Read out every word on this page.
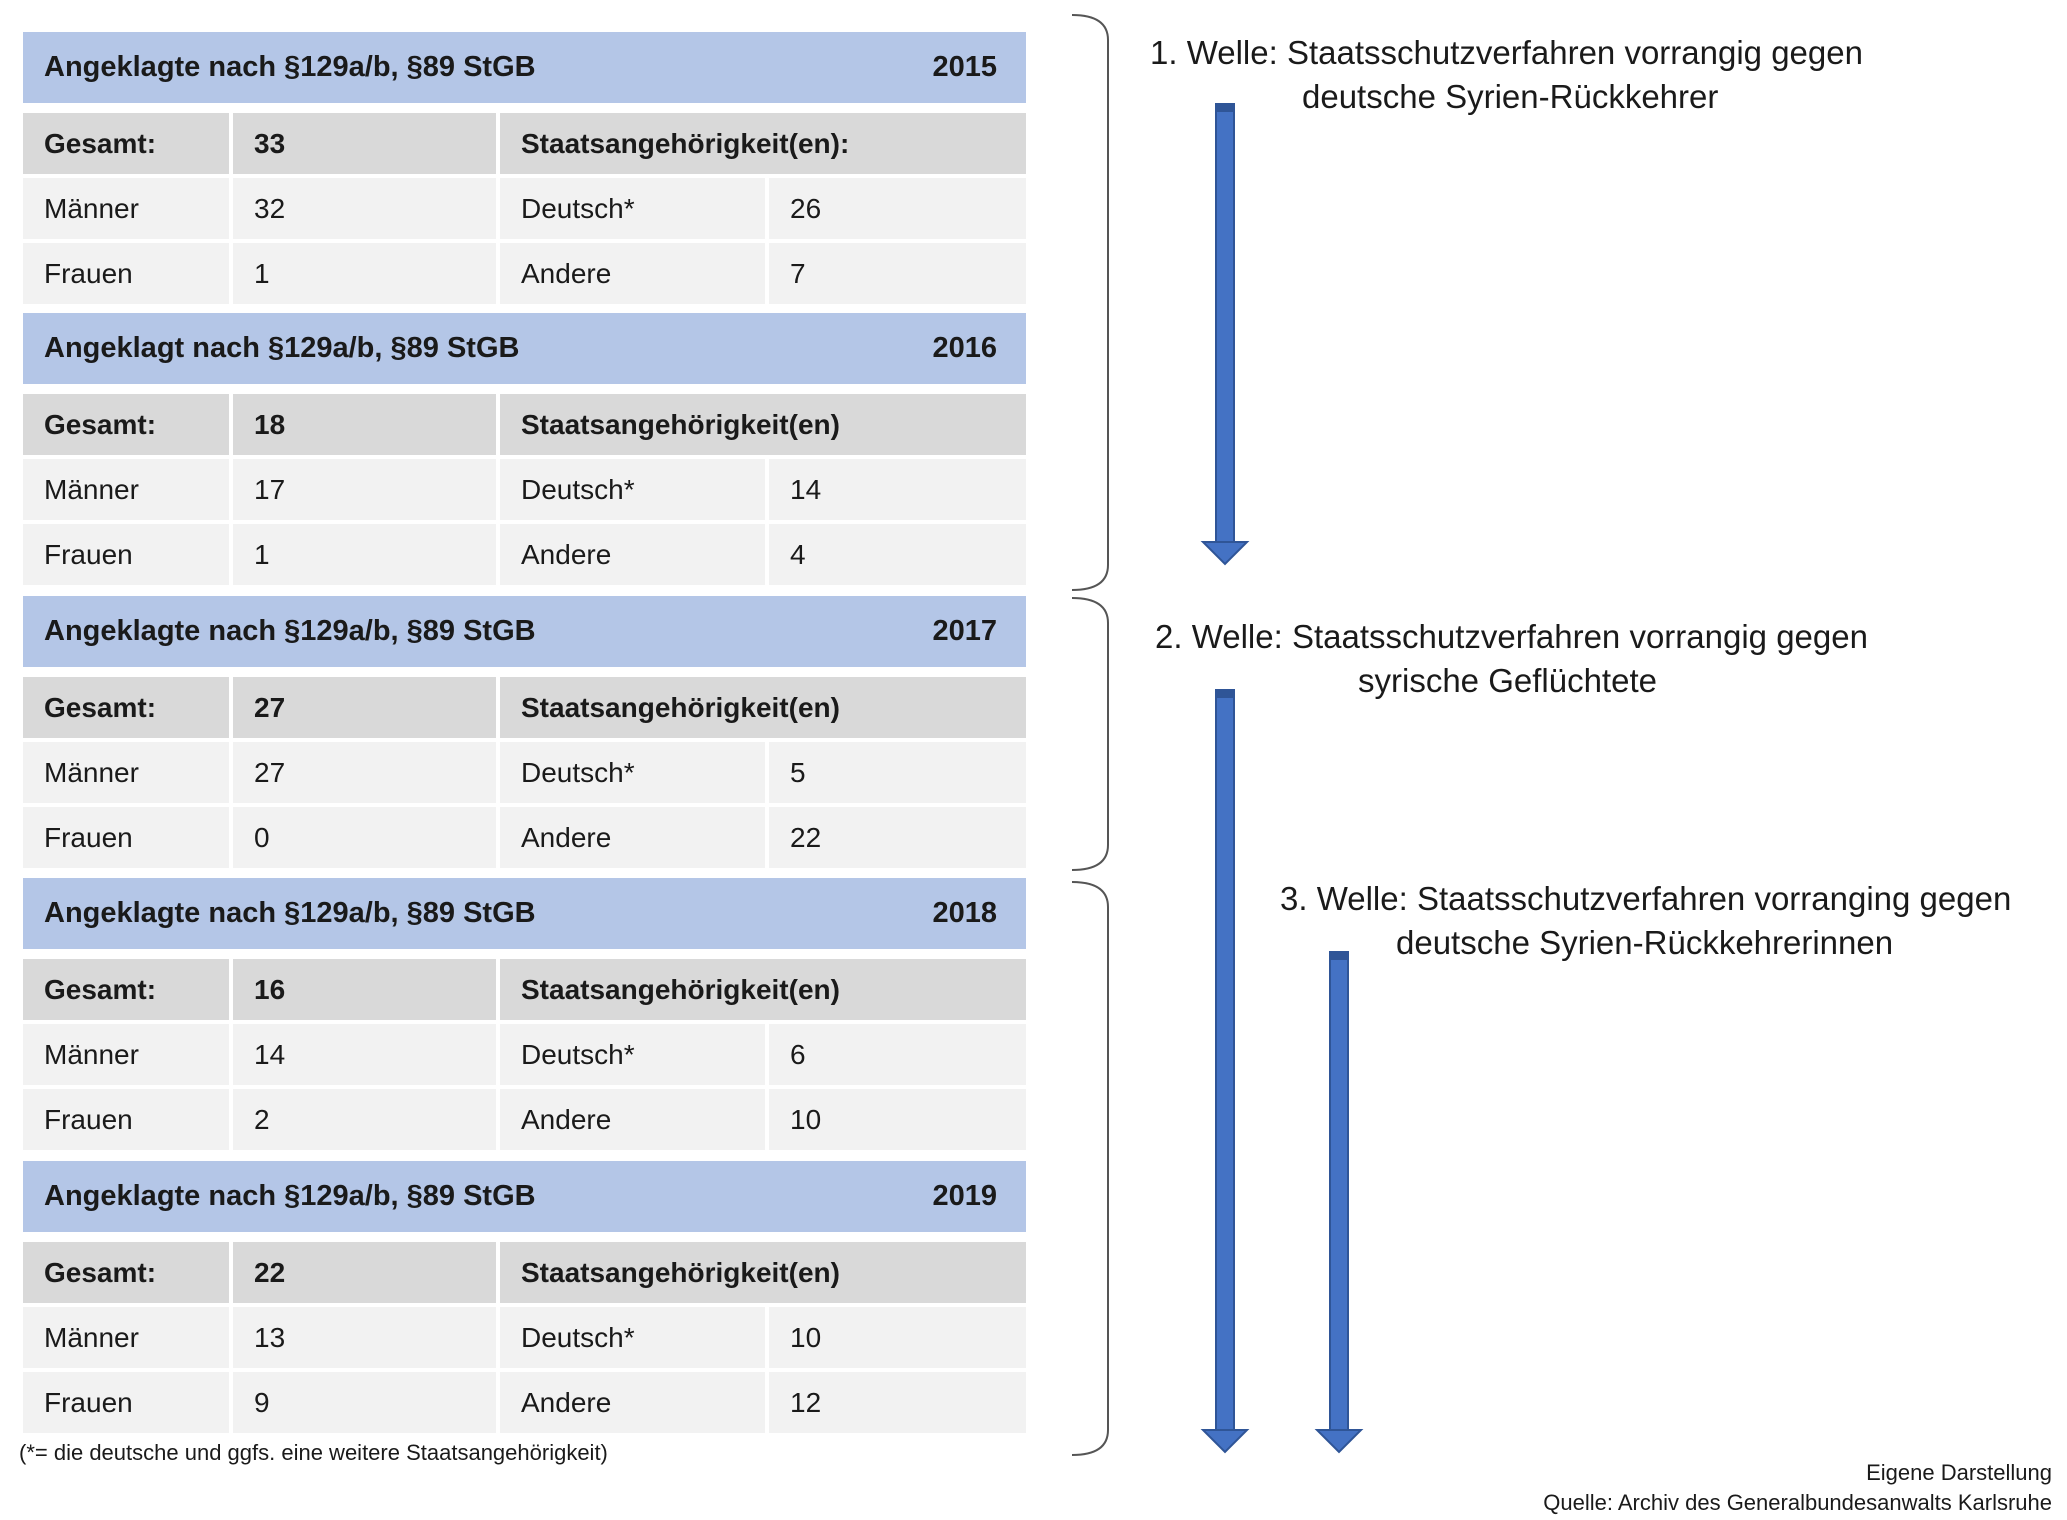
Angeklagte nach §129a/b, §89 StGB	2015
Gesamt:	33	Staatsangehörigkeit(en):
Männer	32	Deutsch*	26
Frauen	1	Andere	7
Angeklagt nach §129a/b, §89 StGB	2016
Gesamt:	18	Staatsangehörigkeit(en)
Männer	17	Deutsch*	14
Frauen	1	Andere	4
Angeklagte nach §129a/b, §89 StGB	2017
Gesamt:	27	Staatsangehörigkeit(en)
Männer	27	Deutsch*	5
Frauen	0	Andere	22
Angeklagte nach §129a/b, §89 StGB	2018
Gesamt:	16	Staatsangehörigkeit(en)
Männer	14	Deutsch*	6
Frauen	2	Andere	10
Angeklagte nach §129a/b, §89 StGB	2019
Gesamt:	22	Staatsangehörigkeit(en)
Männer	13	Deutsch*	10
Frauen	9	Andere	12
(*= die deutsche und ggfs. eine weitere Staatsangehörigkeit)
1. Welle: Staatsschutzverfahren vorrangig gegen
deutsche Syrien-Rückkehrer
2. Welle: Staatsschutzverfahren vorrangig gegen
syrische Geflüchtete
3. Welle: Staatsschutzverfahren vorranging gegen
deutsche Syrien-Rückkehrerinnen
Eigene Darstellung
Quelle: Archiv des Generalbundesanwalts Karlsruhe
